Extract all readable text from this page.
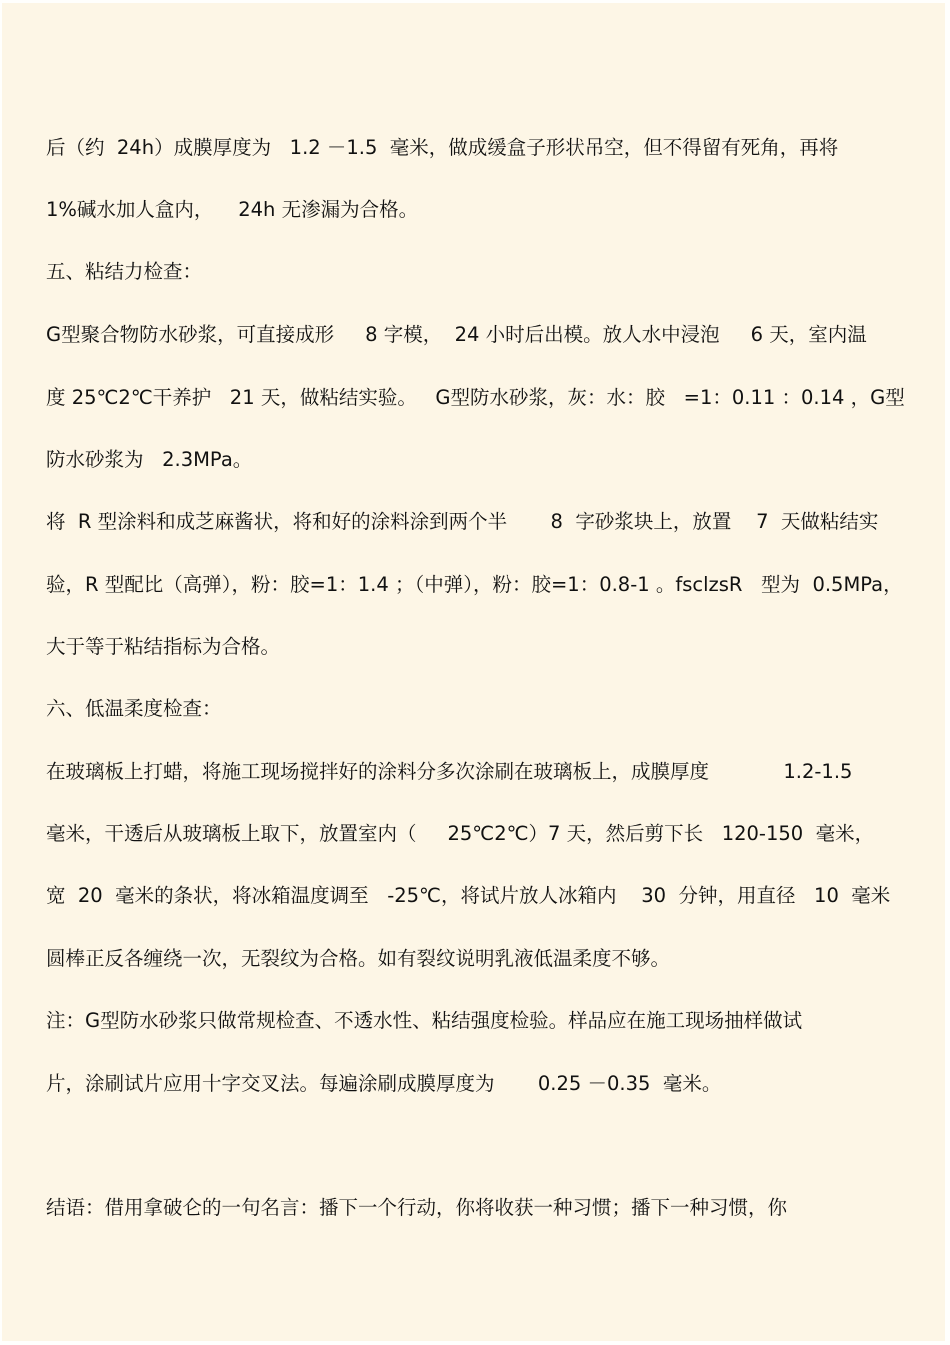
后（约  24h）成膜厚度为   1.2 －1.5  毫米，做成缓盒子形状吊空，但不得留有死角，再将

1%碱水加人盒内，    24h 无渗漏为合格。

五、粘结力检查：

G型聚合物防水砂浆，可直接成形     8 字模，  24 小时后出模。放人水中浸泡     6 天，室内温

度 25℃2℃干养护   21 天，做粘结实验。   G型防水砂浆，灰：水：胶   =1：0.11 ：0.14 ，G型

防水砂浆为   2.3MPa。

将  R 型涂料和成芝麻酱状，将和好的涂料涂到两个半       8  字砂浆块上，放置    7  天做粘结实

验，R 型配比（高弹），粉：胶=1：1.4 ；（中弹），粉：胶=1：0.8-1 。fsclzsR   型为  0.5MPa，

大于等于粘结指标为合格。

六、低温柔度检查：

在玻璃板上打蜡，将施工现场搅拌好的涂料分多次涂刷在玻璃板上，成膜厚度            1.2-1.5

毫米，干透后从玻璃板上取下，放置室内（     25℃2℃）7 天，然后剪下长   120-150  毫米，

宽  20  毫米的条状，将冰箱温度调至   -25℃，将试片放人冰箱内    30  分钟，用直径   10  毫米

圆棒正反各缠绕一次，无裂纹为合格。如有裂纹说明乳液低温柔度不够。

注：G型防水砂浆只做常规检查、不透水性、粘结强度检验。样品应在施工现场抽样做试

片，涂刷试片应用十字交叉法。每遍涂刷成膜厚度为       0.25 －0.35  毫米。

结语：借用拿破仑的一句名言：播下一个行动，你将收获一种习惯；播下一种习惯，你
